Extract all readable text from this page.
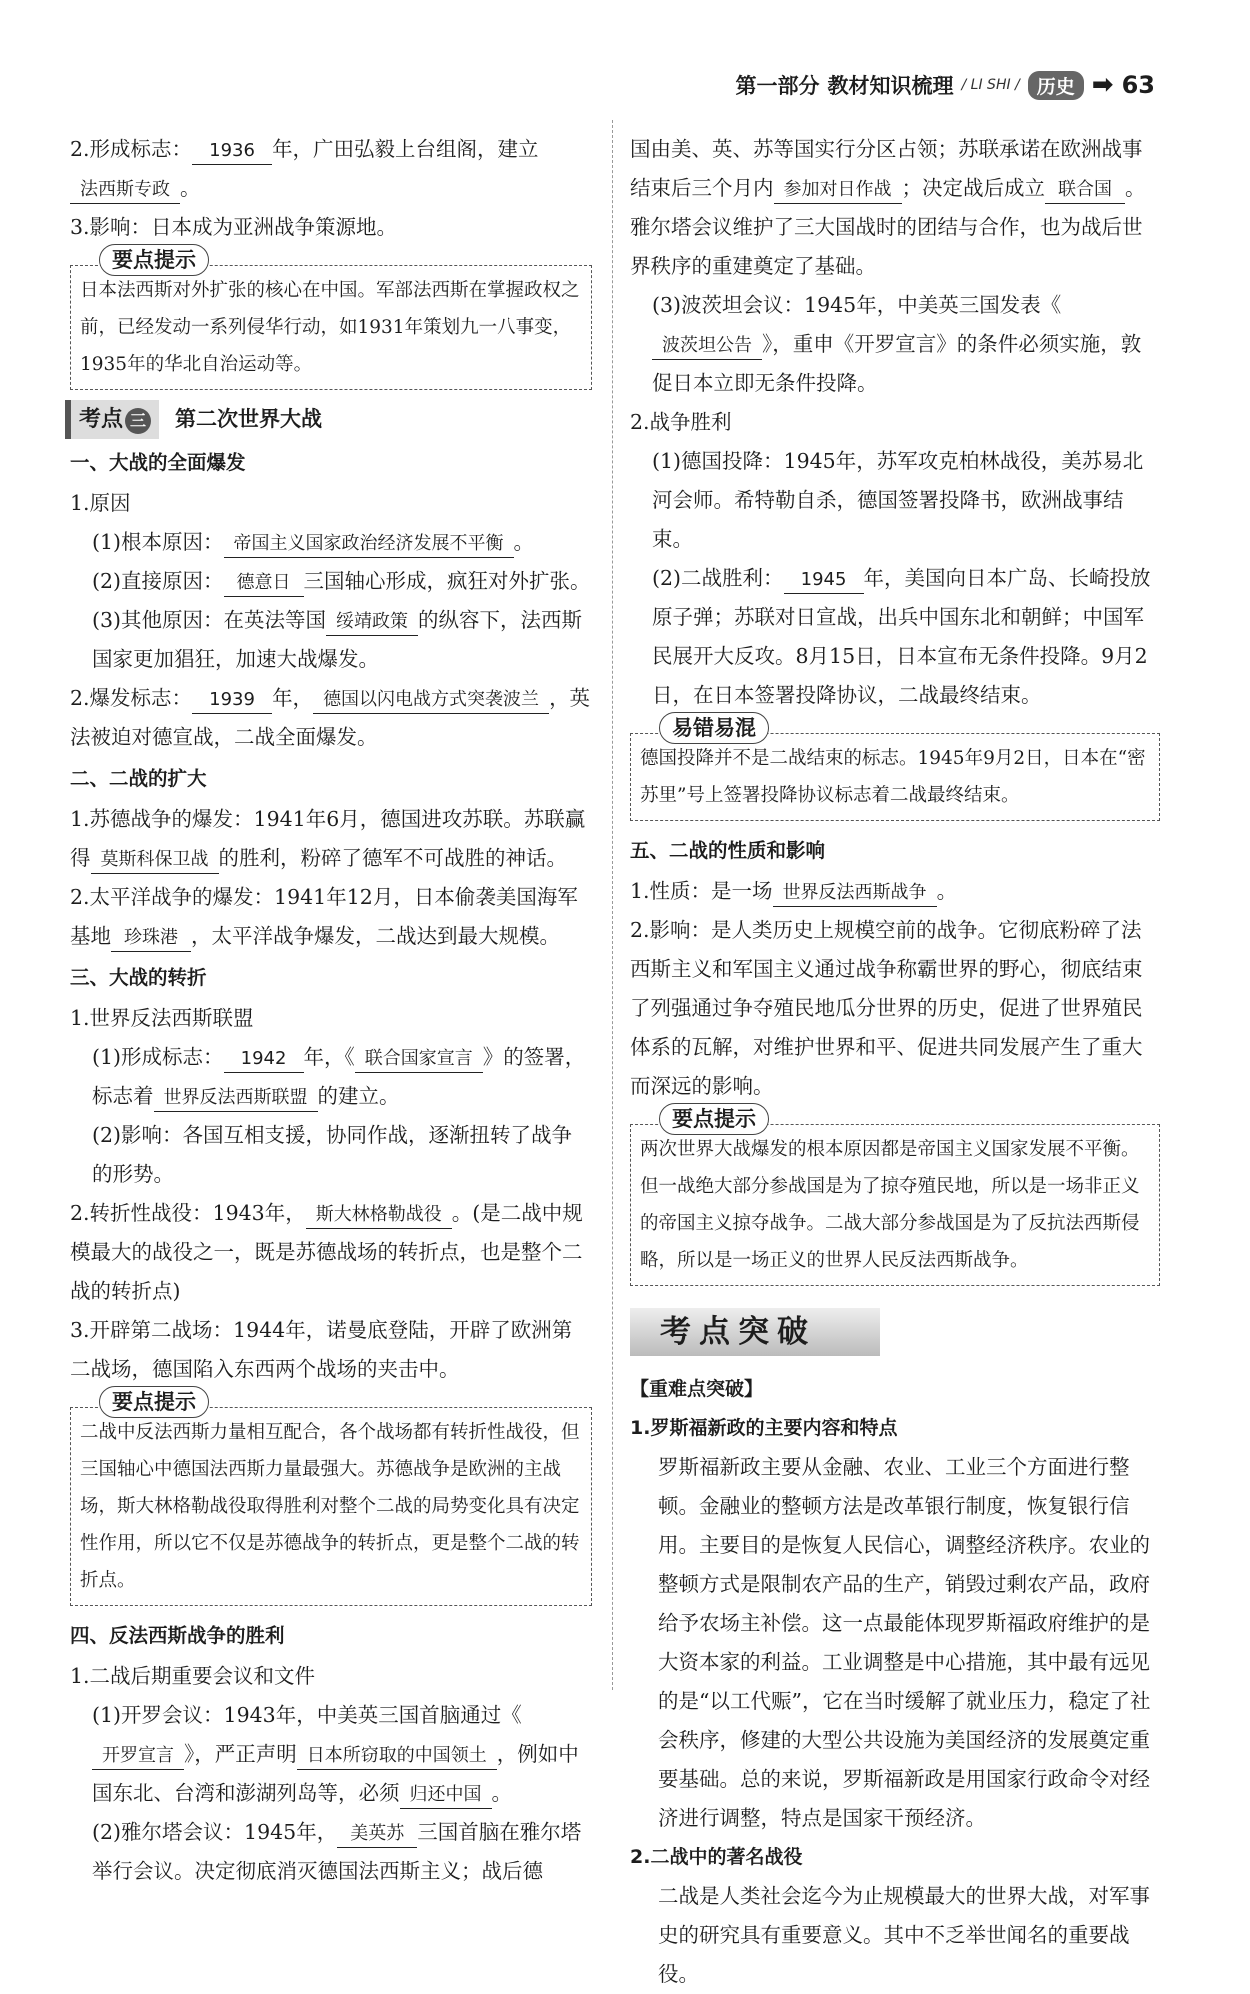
第一部分 教材知识梳理 / LI SHI / 历史 ➡ 63

2.形成标志： 1936 年，广田弘毅上台组阁，建立法西斯专政 。

3.影响：日本成为亚洲战争策源地。

要点提示
日本法西斯对外扩张的核心在中国。军部法西斯在掌握政权之前，已经发动一系列侵华行动，如1931年策划九一八事变，1935年的华北自治运动等。
考点 三	第二次世界大战

一、大战的全面爆发

1.原因

(1)根本原因： 帝国主义国家政治经济发展不平衡 。

(2)直接原因： 德意日 三国轴心形成，疯狂对外扩张。

(3)其他原因：在英法等国 绥靖政策 的纵容下，法西斯国家更加猖狂，加速大战爆发。

2.爆发标志： 1939 年， 德国以闪电战方式突袭波兰 ，英法被迫对德宣战，二战全面爆发。

二、二战的扩大

1.苏德战争的爆发：1941年6月，德国进攻苏联。苏联赢得 莫斯科保卫战 的胜利，粉碎了德军不可战胜的神话。

2.太平洋战争的爆发：1941年12月，日本偷袭美国海军基地 珍珠港 ，太平洋战争爆发，二战达到最大规模。

三、大战的转折

1.世界反法西斯联盟

(1)形成标志： 1942 年，《 联合国家宣言 》的签署，标志着 世界反法西斯联盟 的建立。

(2)影响：各国互相支援，协同作战，逐渐扭转了战争的形势。

2.转折性战役：1943年， 斯大林格勒战役 。(是二战中规模最大的战役之一，既是苏德战场的转折点，也是整个二战的转折点)

3.开辟第二战场：1944年，诺曼底登陆，开辟了欧洲第二战场，德国陷入东西两个战场的夹击中。

要点提示
二战中反法西斯力量相互配合，各个战场都有转折性战役，但三国轴心中德国法西斯力量最强大。苏德战争是欧洲的主战场，斯大林格勒战役取得胜利对整个二战的局势变化具有决定性作用，所以它不仅是苏德战争的转折点，更是整个二战的转折点。

四、反法西斯战争的胜利

1.二战后期重要会议和文件

(1)开罗会议：1943年，中美英三国首脑通过《开罗宣言 》，严正声明 日本所窃取的中国领土 ，例如中国东北、台湾和澎湖列岛等，必须 归还中国 。

(2)雅尔塔会议：1945年， 美英苏 三国首脑在雅尔塔举行会议。决定彻底消灭德国法西斯主义；战后德

国由美、英、苏等国实行分区占领；苏联承诺在欧洲战事结束后三个月内 参加对日作战 ；决定战后成立 联合国 。雅尔塔会议维护了三大国战时的团结与合作，也为战后世界秩序的重建奠定了基础。

(3)波茨坦会议：1945年，中美英三国发表《波茨坦公告 》，重申《开罗宣言》的条件必须实施，敦促日本立即无条件投降。

2.战争胜利

(1)德国投降：1945年，苏军攻克柏林战役，美苏易北河会师。希特勒自杀，德国签署投降书，欧洲战事结束。

(2)二战胜利： 1945 年，美国向日本广岛、长崎投放原子弹；苏联对日宣战，出兵中国东北和朝鲜；中国军民展开大反攻。8月15日，日本宣布无条件投降。9月2日，在日本签署投降协议，二战最终结束。

易错易混
德国投降并不是二战结束的标志。1945年9月2日，日本在“密苏里”号上签署投降协议标志着二战最终结束。

五、二战的性质和影响

1.性质：是一场 世界反法西斯战争 。

2.影响：是人类历史上规模空前的战争。它彻底粉碎了法西斯主义和军国主义通过战争称霸世界的野心，彻底结束了列强通过争夺殖民地瓜分世界的历史，促进了世界殖民体系的瓦解，对维护世界和平、促进共同发展产生了重大而深远的影响。

要点提示
两次世界大战爆发的根本原因都是帝国主义国家发展不平衡。但一战绝大部分参战国是为了掠夺殖民地，所以是一场非正义的帝国主义掠夺战争。二战大部分参战国是为了反抗法西斯侵略，所以是一场正义的世界人民反法西斯战争。
考点突破

【重难点突破】

1.罗斯福新政的主要内容和特点

罗斯福新政主要从金融、农业、工业三个方面进行整顿。金融业的整顿方法是改革银行制度，恢复银行信用。主要目的是恢复人民信心，调整经济秩序。农业的整顿方式是限制农产品的生产，销毁过剩农产品，政府给予农场主补偿。这一点最能体现罗斯福政府维护的是大资本家的利益。工业调整是中心措施，其中最有远见的是“以工代赈”，它在当时缓解了就业压力，稳定了社会秩序，修建的大型公共设施为美国经济的发展奠定重要基础。总的来说，罗斯福新政是用国家行政命令对经济进行调整，特点是国家干预经济。

2.二战中的著名战役

二战是人类社会迄今为止规模最大的世界大战，对军事史的研究具有重要意义。其中不乏举世闻名的重要战役。
